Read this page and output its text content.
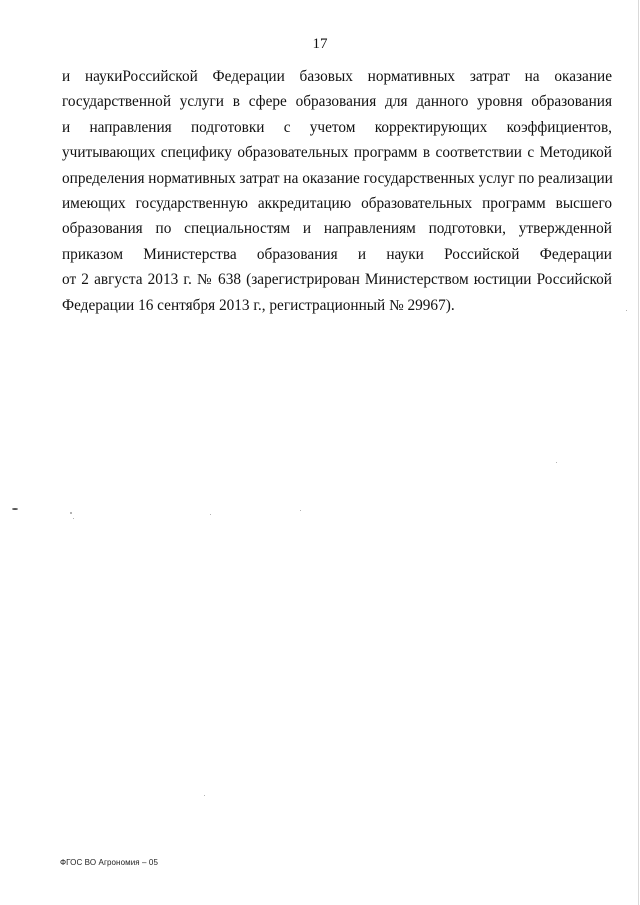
17
и наукиРоссийской Федерации базовых нормативных затрат на оказание
государственной услуги в сфере образования для данного уровня образования
и направления подготовки с учетом корректирующих коэффициентов,
учитывающих специфику образовательных программ в соответствии с Методикой
определения нормативных затрат на оказание государственных услуг по реализации
имеющих государственную аккредитацию образовательных программ высшего
образования по специальностям и направлениям подготовки, утвержденной
приказом Министерства образования и науки Российской Федерации
от 2 августа 2013 г. № 638 (зарегистрирован Министерством юстиции Российской
Федерации 16 сентября 2013 г., регистрационный № 29967).
ФГОС ВО Агрономия – 05
